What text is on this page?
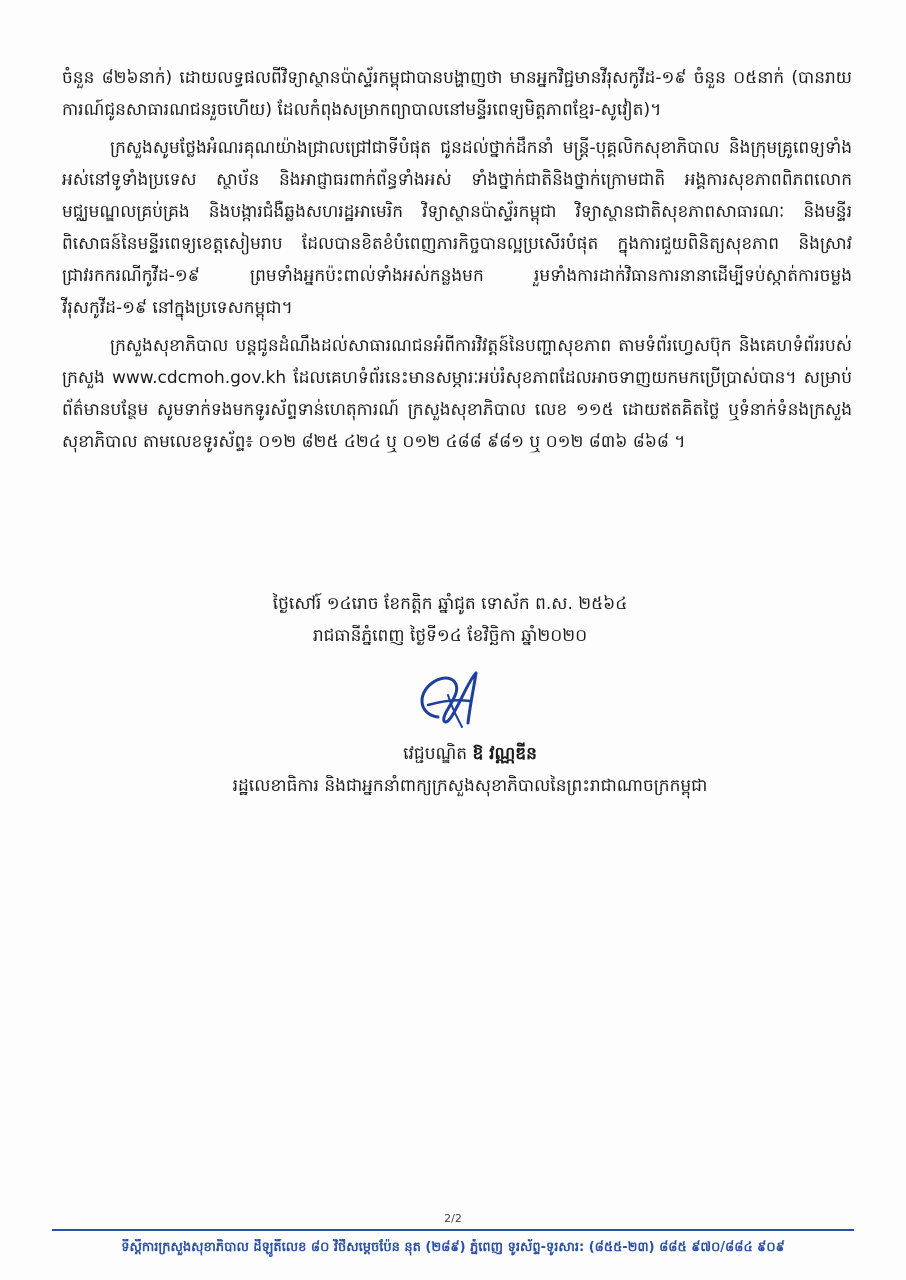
ចំនួន ៨២៦នាក់) ដោយលទ្ធផលពីវិទ្យាស្ថានប៉ាស្ទ័រកម្ពុជាបានបង្ហាញថា មានអ្នកវិជ្ជមានវីរុសកូវីដ-១៩ ចំនួន ០៥នាក់ (បានរាយការណ៍ជូនសាធារណជនរួចហើយ) ដែលកំពុងសម្រាកព្យាបាលនៅមន្ទីរពេទ្យមិត្តភាពខ្មែរ-សូវៀត)។

ក្រសួងសូមថ្លែងអំណរគុណយ៉ាងជ្រាលជ្រៅជាទីបំផុត ជូនដល់ថ្នាក់ដឹកនាំ មន្ត្រី-បុគ្គលិកសុខាភិបាល និងក្រុមគ្រូពេទ្យទាំងអស់នៅទូទាំងប្រទេស ស្ថាប័ន និងអាជ្ញាធរពាក់ព័ន្ធទាំងអស់ ទាំងថ្នាក់ជាតិនិងថ្នាក់ក្រោមជាតិ អង្គការសុខភាពពិភពលោក មជ្ឈមណ្ឌលគ្រប់គ្រង និងបង្ការជំងឺឆ្លងសហរដ្ឋអាមេរិក វិទ្យាស្ថានប៉ាស្ទ័រកម្ពុជា វិទ្យាស្ថានជាតិសុខភាពសាធារណៈ និងមន្ទីរពិសោធន៍នៃមន្ទីរពេទ្យខេត្តសៀមរាប ដែលបានខិតខំបំពេញភារកិច្ចបានល្អប្រសើរបំផុត ក្នុងការជួយពិនិត្យសុខភាព និងស្រាវជ្រាវរកករណីកូវីដ-១៩ ព្រមទាំងអ្នកប៉ះពាល់ទាំងអស់កន្លងមក រួមទាំងការដាក់វិធានការនានាដើម្បីទប់ស្កាត់ការចម្លង វីរុសកូវីដ-១៩ នៅក្នុងប្រទេសកម្ពុជា។

ក្រសួងសុខាភិបាល បន្តជូនដំណឹងដល់សាធារណជនអំពីការវិវត្តន៍នៃបញ្ហាសុខភាព តាមទំព័រហ្វេសប៊ុក និងគេហទំព័ររបស់ក្រសួង www.cdcmoh.gov.kh ដែលគេហទំព័រនេះមានសម្ភារៈអប់រំសុខភាពដែលអាចទាញយកមកប្រើប្រាស់បាន។ សម្រាប់ព័ត៌មានបន្ថែម សូមទាក់ទងមកទូរស័ព្ទទាន់ហេតុការណ៍ ក្រសួងសុខាភិបាល លេខ ១១៥ ដោយឥតគិតថ្លៃ ឬទំនាក់ទំនងក្រសួងសុខាភិបាល តាមលេខទូរស័ព្ទ៖ ០១២ ៨២៥ ៤២៤ ឬ ០១២ ៤៨៨ ៩៨១ ឬ ០១២ ៨៣៦ ៨៦៨ ។

ថ្ងៃសៅរ៍ ១៤រោច ខែកត្តិក ឆ្នាំជូត ទោស័ក ព.ស. ២៥៦៤
រាជធានីភ្នំពេញ ថ្ងៃទី១៤ ខែវិច្ឆិកា ឆ្នាំ២០២០
វេជ្ជបណ្ឌិត ឱ វណ្ណឌីន
រដ្ឋលេខាធិការ និងជាអ្នកនាំពាក្យក្រសួងសុខាភិបាលនៃព្រះរាជាណាចក្រកម្ពុជា
2/2
ទីស្តីការក្រសួងសុខាភិបាល ដីឡូតិ៍លេខ ៨០ វិថីសម្ដេចប៉ែន នុត (២៨៩) ភ្នំពេញ ទូរស័ព្ទ-ទូរសារ: (៨៥៥-២៣) ៨៨៥ ៩៧០/៨៨៤ ៩០៩
